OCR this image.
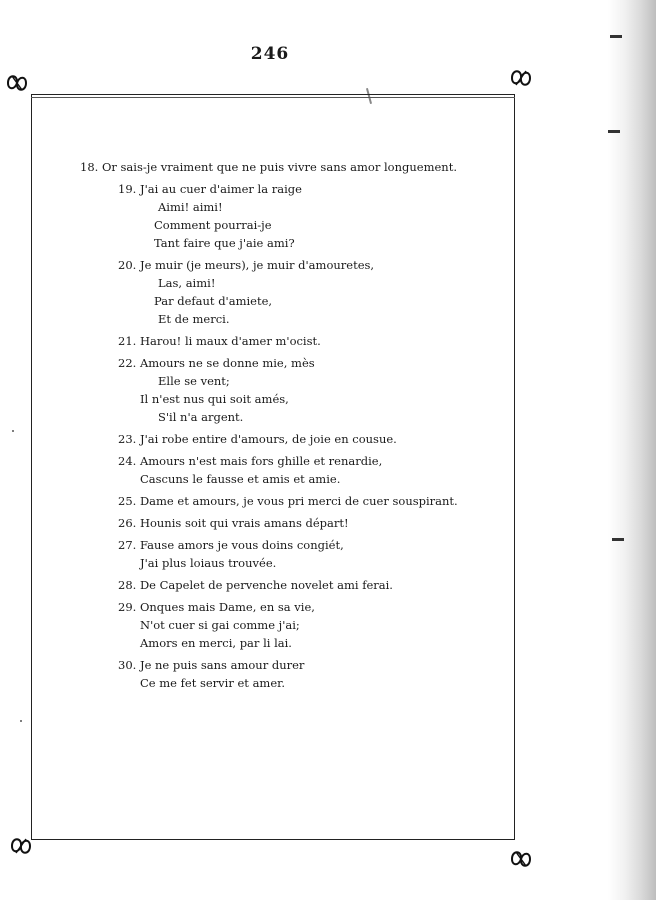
246
18. Or sais-je vraiment que ne puis vivre sans amor longuement.
19. J'ai au cuer d'aimer la raige
Aimi! aimi!
Comment pourrai-je
Tant faire que j'aie ami?
20. Je muir (je meurs), je muir d'amouretes,
Las, aimi!
Par defaut d'amiete,
Et de merci.
21. Harou! li maux d'amer m'ocist.
22. Amours ne se donne mie, mès
Elle se vent;
Il n'est nus qui soit amés,
S'il n'a argent.
23. J'ai robe entire d'amours, de joie en cousue.
24. Amours n'est mais fors ghille et renardie,
Cascuns le fausse et amis et amie.
25. Dame et amours, je vous pri merci de cuer souspirant.
26. Hounis soit qui vrais amans départ!
27. Fause amors je vous doins congiét,
J'ai plus loiaus trouvée.
28. De Capelet de pervenche novelet ami ferai.
29. Onques mais Dame, en sa vie,
N'ot cuer si gai comme j'ai;
Amors en merci, par li lai.
30. Je ne puis sans amour durer
Ce me fet servir et amer.
